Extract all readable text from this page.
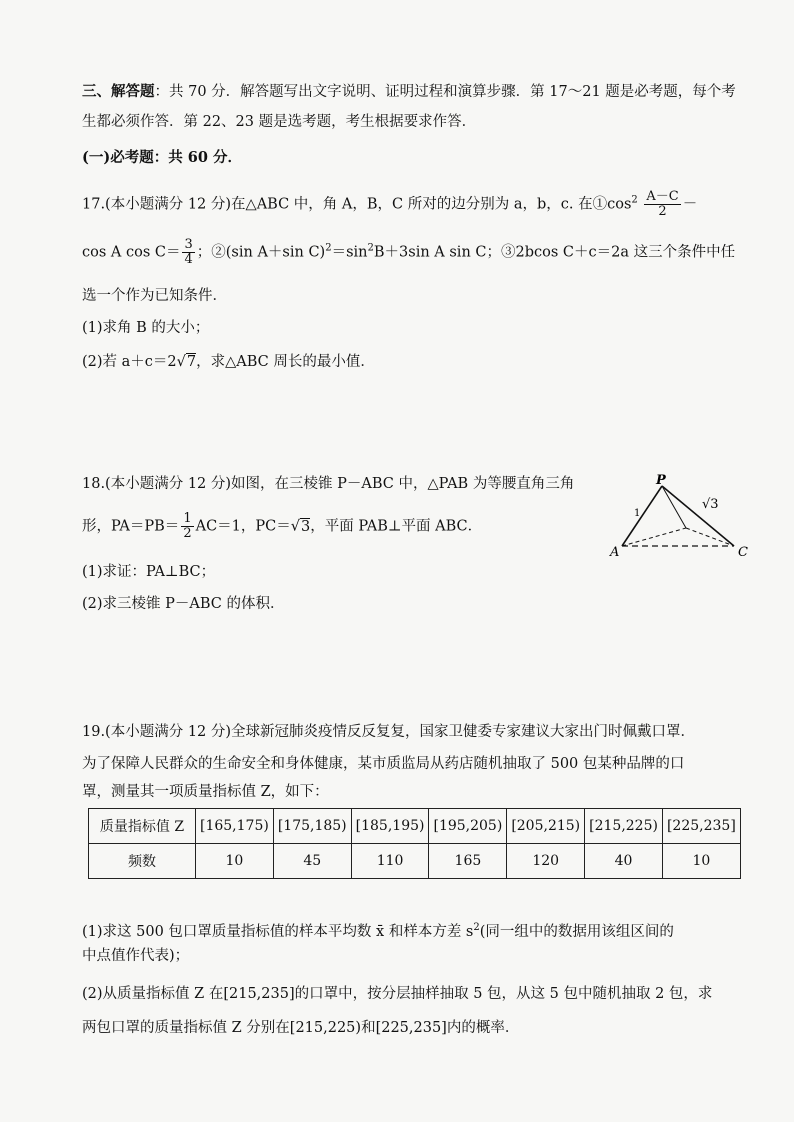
三、解答题：共 70 分．解答题写出文字说明、证明过程和演算步骤．第 17～21 题是必考题，每个考
生都必须作答．第 22、23 题是选考题，考生根据要求作答．
(一)必考题：共 60 分．
17.(本小题满分 12 分)在△ABC 中，角 A，B，C 所对的边分别为 a，b，c. 在$①\cos^2 \frac{A-C}{2}$ －
cos A $\cos C= \frac{3}{4}$ ；②(sin A＋sin $C)^2=\sin^2B+3\sin$ A sin C；③2bcos C＋c＝2a 这三个条件中任
选一个作为已知条件．
(1)求角 B 的大小；
(2)若 a＋c＝2√7，求△ABC 周长的最小值．
18.(本小题满分 12 分)如图，在三棱锥 P－ABC 中，△PAB 为等腰直角三角
形，$PA=PB= \frac{1}{2} AC=1$，PC＝√3，平面 PAB⊥平面 ABC．
(1)求证：PA⊥BC；
(2)求三棱锥 P－ABC 的体积．
P
A	C
1
√3
19.(本小题满分 12 分)全球新冠肺炎疫情反反复复，国家卫健委专家建议大家出门时佩戴口罩．
为了保障人民群众的生命安全和身体健康，某市质监局从药店随机抽取了 500 包某种品牌的口
罩，测量其一项质量指标值 Z，如下：
质量指标值 Z	[165,175)	[175,185)	[185,195)	[195,205)	[205,215)	[215,225)	[225,235]
频数	10	45	110	165	120	40	10
(1)求这 500 包口罩质量指标值的样本平均数 x̄ 和样本方差 $s^2$(同一组中的数据用该组区间的
中点值作代表)；
(2)从质量指标值 Z 在[215,235]的口罩中，按分层抽样抽取 5 包，从这 5 包中随机抽取 2 包，求
两包口罩的质量指标值 Z 分别在[215,225)和[225,235]内的概率．
